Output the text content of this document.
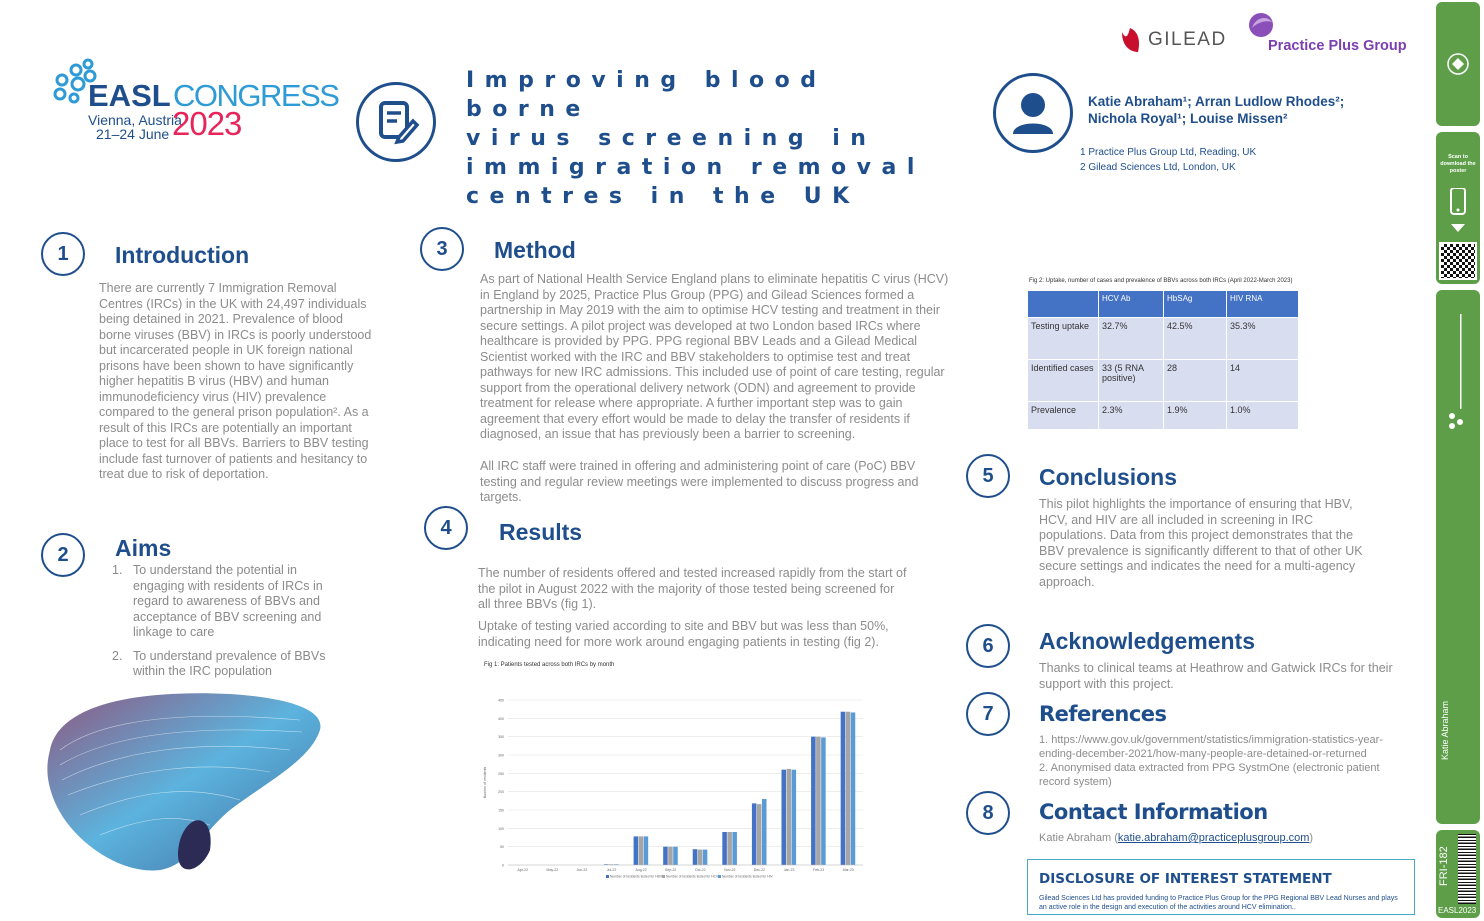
EASL CONGRESS
Vienna, Austria
21–24 June 2023
Improving blood borne
virus screening in
immigration removal
centres in the UK
GILEAD	Practice Plus Group
Katie Abraham¹; Arran Ludlow Rhodes²;
Nichola Royal¹; Louise Missen²
1 Practice Plus Group Ltd, Reading, UK
2 Gilead Sciences Ltd, London, UK
1	Introduction
There are currently 7 Immigration Removal Centres (IRCs) in the UK with 24,497 individuals being detained in 2021. Prevalence of blood borne viruses (BBV) in IRCs is poorly understood but incarcerated people in UK foreign national prisons have been shown to have significantly higher hepatitis B virus (HBV) and human immunodeficiency virus (HIV) prevalence compared to the general prison population². As a result of this IRCs are potentially an important place to test for all BBVs. Barriers to BBV testing include fast turnover of patients and hesitancy to treat due to risk of deportation.
2	Aims
1. To understand the potential in engaging with residents of IRCs in regard to awareness of BBVs and acceptance of BBV screening and linkage to care
2. To understand prevalence of BBVs within the IRC population
3	Method
As part of National Health Service England plans to eliminate hepatitis C virus (HCV) in England by 2025, Practice Plus Group (PPG) and Gilead Sciences formed a partnership in May 2019 with the aim to optimise HCV testing and treatment in their secure settings. A pilot project was developed at two London based IRCs where healthcare is provided by PPG. PPG regional BBV Leads and a Gilead Medical Scientist worked with the IRC and BBV stakeholders to optimise test and treat pathways for new IRC admissions. This included use of point of care testing, regular support from the operational delivery network (ODN) and agreement to provide treatment for release where appropriate. A further important step was to gain agreement that every effort would be made to delay the transfer of residents if diagnosed, an issue that has previously been a barrier to screening.
All IRC staff were trained in offering and administering point of care (PoC) BBV testing and regular review meetings were implemented to discuss progress and targets.
4	Results
The number of residents offered and tested increased rapidly from the start of the pilot in August 2022 with the majority of those tested being screened for all three BBVs (fig 1).
Uptake of testing varied according to site and BBV but was less than 50%, indicating need for more work around engaging patients in testing (fig 2).
Fig 1: Patients tested across both IRCs by month
0
50
100
150
200
250
300
350
400
450
Number of residents
Apr-22	May-22	Jun-22	Jul-22	Aug-22	Sep-22	Oct-22	Nov-22	Dec-22	Jan-23	Feb-23	Mar-23
Number of residents tested for HBV Number of residents tested for HCV Number of residents tested for HIV
Fig 2: Uptake, number of cases and prevalence of BBVs across both IRCs (April 2022-March 2023)
	HCV Ab	HbSAg	HIV RNA
Testing uptake	32.7%	42.5%	35.3%
Identified cases	33 (5 RNA positive)	28	14
Prevalence	2.3%	1.9%	1.0%
5	Conclusions
This pilot highlights the importance of ensuring that HBV, HCV, and HIV are all included in screening in IRC populations. Data from this project demonstrates that the BBV prevalence is significantly different to that of other UK secure settings and indicates the need for a multi-agency approach.
6	Acknowledgements
Thanks to clinical teams at Heathrow and Gatwick IRCs for their support with this project.
7	References
1. https://www.gov.uk/government/statistics/immigration-statistics-year-ending-december-2021/how-many-people-are-detained-or-returned
2. Anonymised data extracted from PPG SystmOne (electronic patient record system)
8	Contact Information
Katie Abraham (katie.abraham@practiceplusgroup.com)
DISCLOSURE OF INTEREST STATEMENT
Gilead Sciences Ltd has provided funding to Practice Plus Group for the PPG Regional BBV Lead Nurses and plays an active role in the design and execution of the activities around HCV elimination..
Scan to download the poster
Public Health Katie Abraham
FRI-182
EASL2023
